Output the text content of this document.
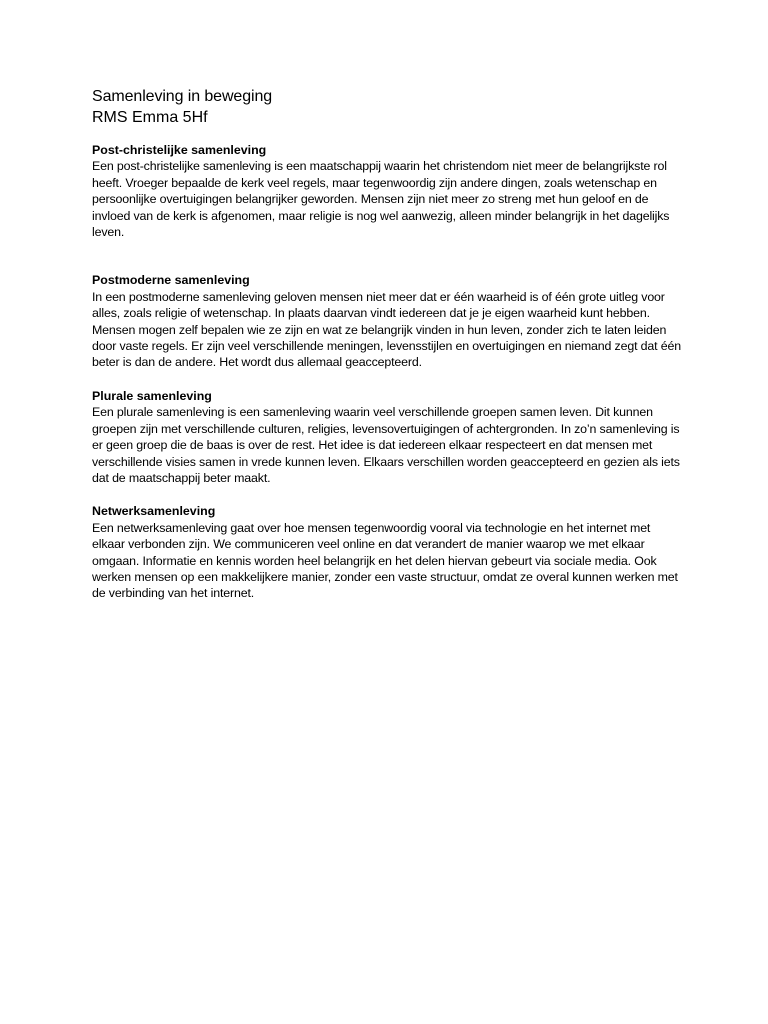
Samenleving in beweging
RMS Emma 5Hf
Post-christelijke samenleving

Een post-christelijke samenleving is een maatschappij waarin het christendom niet meer de belangrijkste rol heeft. Vroeger bepaalde de kerk veel regels, maar tegenwoordig zijn andere dingen, zoals wetenschap en persoonlijke overtuigingen belangrijker geworden. Mensen zijn niet meer zo streng met hun geloof en de invloed van de kerk is afgenomen, maar religie is nog wel aanwezig, alleen minder belangrijk in het dagelijks leven.

Postmoderne samenleving

In een postmoderne samenleving geloven mensen niet meer dat er één waarheid is of één grote uitleg voor alles, zoals religie of wetenschap. In plaats daarvan vindt iedereen dat je je eigen waarheid kunt hebben. Mensen mogen zelf bepalen wie ze zijn en wat ze belangrijk vinden in hun leven, zonder zich te laten leiden door vaste regels. Er zijn veel verschillende meningen, levensstijlen en overtuigingen en niemand zegt dat één beter is dan de andere. Het wordt dus allemaal geaccepteerd.

Plurale samenleving

Een plurale samenleving is een samenleving waarin veel verschillende groepen samen leven. Dit kunnen groepen zijn met verschillende culturen, religies, levensovertuigingen of achtergronden. In zo’n samenleving is er geen groep die de baas is over de rest. Het idee is dat iedereen elkaar respecteert en dat mensen met verschillende visies samen in vrede kunnen leven. Elkaars verschillen worden geaccepteerd en gezien als iets dat de maatschappij beter maakt.

Netwerksamenleving

Een netwerksamenleving gaat over hoe mensen tegenwoordig vooral via technologie en het internet met elkaar verbonden zijn. We communiceren veel online en dat verandert de manier waarop we met elkaar omgaan. Informatie en kennis worden heel belangrijk en het delen hiervan gebeurt via sociale media. Ook werken mensen op een makkelijkere manier, zonder een vaste structuur, omdat ze overal kunnen werken met de verbinding van het internet.
